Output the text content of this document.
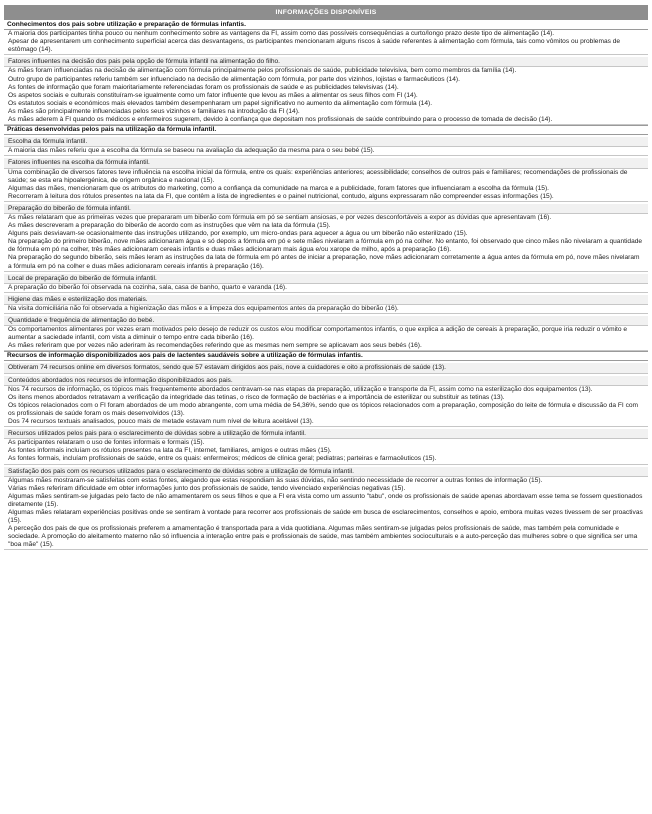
INFORMAÇÕES DISPONÍVEIS
Conhecimentos dos pais sobre utilização e preparação de fórmulas infantis.

A maioria dos participantes tinha pouco ou nenhum conhecimento sobre as vantagens da FI, assim como das possíveis consequências a curto/longo prazo deste tipo de alimentação (14).

Apesar de apresentarem um conhecimento superficial acerca das desvantagens, os participantes mencionaram alguns riscos à saúde referentes à alimentação com fórmula, tais como vômitos ou problemas de estômago (14).

Fatores influentes na decisão dos pais pela opção de fórmula infantil na alimentação do filho.

As mães foram influenciadas na decisão de alimentação com fórmula principalmente pelos profissionais de saúde, publicidade televisiva, bem como membros da família (14).

Outro grupo de participantes referiu também ser influenciado na decisão de alimentação com fórmula, por parte dos vizinhos, lojistas e farmacêuticos (14).

As fontes de informação que foram maioritariamente referenciadas foram os profissionais de saúde e as publicidades televisivas (14).

Os aspetos sociais e culturais constituíram-se igualmente como um fator influente que levou as mães a alimentar os seus filhos com FI (14).

Os estatutos sociais e económicos mais elevados também desempenharam um papel significativo no aumento da alimentação com fórmula (14).

As mães são principalmente influenciadas pelos seus vizinhos e familiares na introdução da FI (14).

As mães aderem à FI quando os médicos e enfermeiros sugerem, devido à confiança que depositam nos profissionais de saúde contribuindo para o processo de tomada de decisão (14).

Práticas desenvolvidas pelos pais na utilização da fórmula infantil.
Escolha da fórmula infantil.

A maioria das mães referiu que a escolha da fórmula se baseou na avaliação da adequação da mesma para o seu bebé (15).

Fatores influentes na escolha da fórmula infantil.

Uma combinação de diversos fatores teve influência na escolha inicial da fórmula, entre os quais: experiências anteriores; acessibilidade; conselhos de outros pais e familiares; recomendações de profissionais de saúde; se esta era hipoalergénica, de origem orgânica e nacional (15).

Algumas das mães, mencionaram que os atributos do marketing, como a confiança da comunidade na marca e a publicidade, foram fatores que influenciaram a escolha da fórmula (15).

Recorreram à leitura dos rótulos presentes na lata da FI, que contêm a lista de ingredientes e o painel nutricional, contudo, alguns expressaram não compreender essas informações (15).

Preparação do biberão de fórmula infantil.

As mães relataram que as primeiras vezes que prepararam um biberão com fórmula em pó se sentiam ansiosas, e por vezes desconfortáveis a expor as dúvidas que apresentavam (16).

As mães descreveram a preparação do biberão de acordo com as instruções que vêm na lata da fórmula (15).

Alguns pais desviavam-se ocasionalmente das instruções utilizando, por exemplo, um micro-ondas para aquecer a água ou um biberão não esterilizado (15).

Na preparação do primeiro biberão, nove mães adicionaram água e só depois a fórmula em pó e sete mães nivelaram a fórmula em pó na colher. No entanto, foi observado que cinco mães não nivelaram a quantidade de fórmula em pó na colher, três mães adicionaram cereais infantis e duas mães adicionaram mais água e/ou xarope de milho, após a preparação (16).

Na preparação do segundo biberão, seis mães leram as instruções da lata de fórmula em pó antes de iniciar a preparação, nove mães adicionaram corretamente a água antes da fórmula em pó, nove mães nivelaram a fórmula em pó na colher e duas mães adicionaram cereais infantis à preparação (16).

Local de preparação do biberão de fórmula infantil.

A preparação do biberão foi observada na cozinha, sala, casa de banho, quarto e varanda (16).

Higiene das mães e esterilização dos materiais.

Na visita domiciliária não foi observada a higienização das mãos e a limpeza dos equipamentos antes da preparação do biberão (16).

Quantidade e frequência de alimentação do bebé.

Os comportamentos alimentares por vezes eram motivados pelo desejo de reduzir os custos e/ou modificar comportamentos infantis, o que explica a adição de cereais à preparação, porque iria reduzir o vómito e aumentar a saciedade infantil, com vista a diminuir o tempo entre cada biberão (16).

As mães referiram que por vezes não aderiram às recomendações referindo que as mesmas nem sempre se aplicavam aos seus bebés (16).

Recursos de informação disponibilizados aos pais de lactentes saudáveis sobre a utilização de fórmulas infantis.
Obtiveram 74 recursos online em diversos formatos, sendo que 57 estavam dirigidos aos pais, nove a cuidadores e oito a profissionais de saúde (13).
Conteúdos abordados nos recursos de informação disponibilizados aos pais.

Nos 74 recursos de informação, os tópicos mais frequentemente abordados centravam-se nas etapas da preparação, utilização e transporte da FI, assim como na esterilização dos equipamentos (13).

Os itens menos abordados retratavam a verificação da integridade das tetinas, o risco de formação de bactérias e a importância de esterilizar ou substituir as tetinas (13).

Os tópicos relacionados com o FI foram abordados de um modo abrangente, com uma média de 54,36%, sendo que os tópicos relacionados com a preparação, composição do leite de fórmula e discussão da FI com os profissionais de saúde foram os mais desenvolvidos (13).

Dos 74 recursos textuais analisados, pouco mais de metade estavam num nível de leitura aceitável (13).

Recursos utilizados pelos pais para o esclarecimento de dúvidas sobre a utilização de fórmula infantil.

As participantes relataram o uso de fontes informais e formais (15).

As fontes informais incluíam os rótulos presentes na lata da FI, internet, familiares, amigos e outras mães (15).

As fontes formais, incluíam profissionais de saúde, entre os quais: enfermeiros; médicos de clínica geral; pediatras; parteiras e farmacêuticos (15).

Satisfação dos pais com os recursos utilizados para o esclarecimento de dúvidas sobre a utilização de fórmula infantil.

Algumas mães mostraram-se satisfeitas com estas fontes, alegando que estas respondiam às suas dúvidas, não sentindo necessidade de recorrer a outras fontes de informação (15).

Várias mães referiram dificuldade em obter informações junto dos profissionais de saúde, tendo vivenciado experiências negativas (15).

Algumas mães sentiram-se julgadas pelo facto de não amamentarem os seus filhos e que a FI era vista como um assunto "tabu", onde os profissionais de saúde apenas abordavam esse tema se fossem questionados diretamente (15).

Algumas mães relataram experiências positivas onde se sentiram à vontade para recorrer aos profissionais de saúde em busca de esclarecimentos, conselhos e apoio, embora muitas vezes tivessem de ser proactivas (15).

A perceção dos pais de que os profissionais preferem a amamentação é transportada para a vida quotidiana. Algumas mães sentiram-se julgadas pelos profissionais de saúde, mas também pela comunidade e sociedade. A promoção do aleitamento materno não só influencia a interação entre pais e profissionais de saúde, mas também ambientes socioculturais e a auto-perceção das mulheres sobre o que significa ser uma "boa mãe" (15).
